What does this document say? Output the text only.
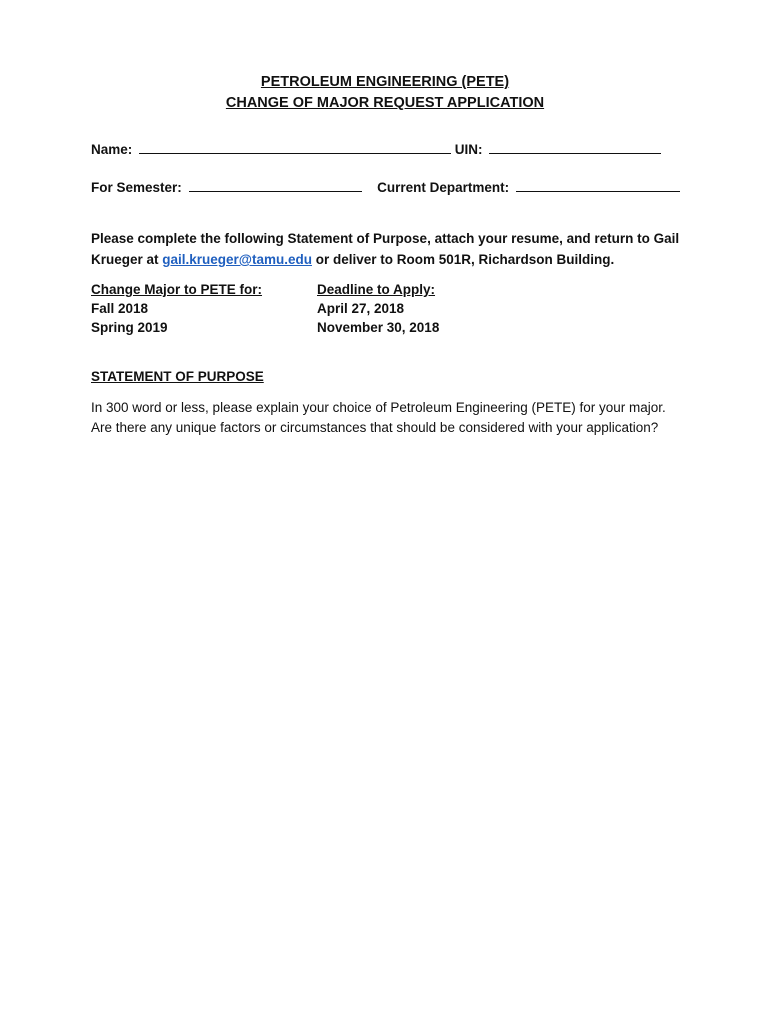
PETROLEUM ENGINEERING (PETE)
CHANGE OF MAJOR REQUEST APPLICATION
Name:	UIN:
For Semester:	Current Department:
Please complete the following Statement of Purpose, attach your resume, and return to Gail Krueger at gail.krueger@tamu.edu or deliver to Room 501R, Richardson Building.
Change Major to PETE for:
Fall 2018
Spring 2019
Deadline to Apply:
April 27, 2018
November 30, 2018
STATEMENT OF PURPOSE
In 300 word or less, please explain your choice of Petroleum Engineering (PETE) for your major.
Are there any unique factors or circumstances that should be considered with your application?
